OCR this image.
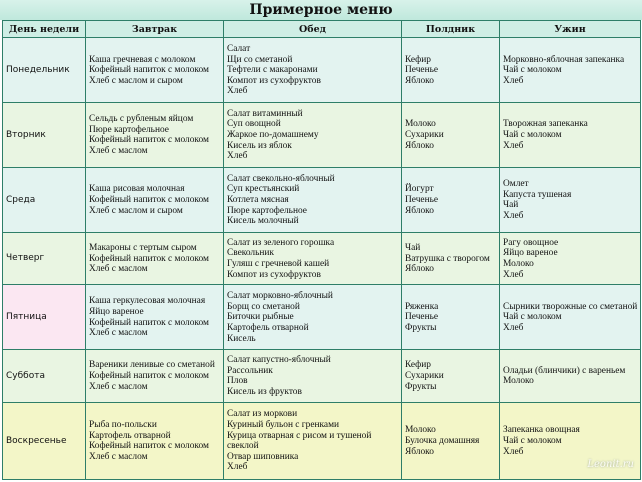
Примерное меню
День недели	Завтрак	Обед	Полдник	Ужин
Понедельник	Каша гречневая с молоком
Кофейный напиток с молоком
Хлеб с маслом и сыром	Салат
Щи со сметаной
Тефтели с макаронами
Компот из сухофруктов
Хлеб	Кефир
Печенье
Яблоко	Морковно-яблочная запеканка
Чай с молоком
Хлеб

Вторник	Сельдь с рубленым яйцом
Пюре картофельное
Кофейный напиток с молоком
Хлеб с маслом	Салат витаминный
Суп овощной
Жаркое по-домашнему
Кисель из яблок
Хлеб	Молоко
Сухарики
Яблоко	Творожная запеканка
Чай с молоком
Хлеб

Среда	Каша рисовая молочная
Кофейный напиток с молоком
Хлеб с маслом и сыром	Салат свекольно-яблочный
Суп крестьянский
Котлета мясная
Пюре картофельное
Кисель молочный	Йогурт
Печенье
Яблоко	Омлет
Капуста тушеная
Чай
Хлеб

Четверг	Макароны с тертым сыром
Кофейный напиток с молоком
Хлеб с маслом	Салат из зеленого горошка
Свекольник
Гуляш с гречневой кашей
Компот из сухофруктов	Чай
Ватрушка с творогом
Яблоко	Рагу овощное
Яйцо вареное
Молоко
Хлеб

Пятница	Каша геркулесовая молочная
Яйцо вареное
Кофейный напиток с молоком
Хлеб с маслом	Салат морковно-яблочный
Борщ со сметаной
Биточки рыбные
Картофель отварной
Кисель	Ряженка
Печенье
Фрукты	Сырники творожные со сметаной
Чай с молоком
Хлеб

Суббота	Вареники ленивые со сметаной
Кофейный напиток с молоком
Хлеб с маслом	Салат капустно-яблочный
Рассольник
Плов
Кисель из фруктов	Кефир
Сухарики
Фрукты	Оладьи (блинчики) с вареньем
Молоко

Воскресенье	Рыба по-польски
Картофель отварной
Кофейный напиток с молоком
Хлеб с маслом	Салат из моркови
Куриный бульон с гренками
Курица отварная с рисом и тушеной свеклой
Отвар шиповника
Хлеб	Молоко
Булочка домашняя
Яблоко	Запеканка овощная
Чай с молоком
Хлеб
Leonit.ru
